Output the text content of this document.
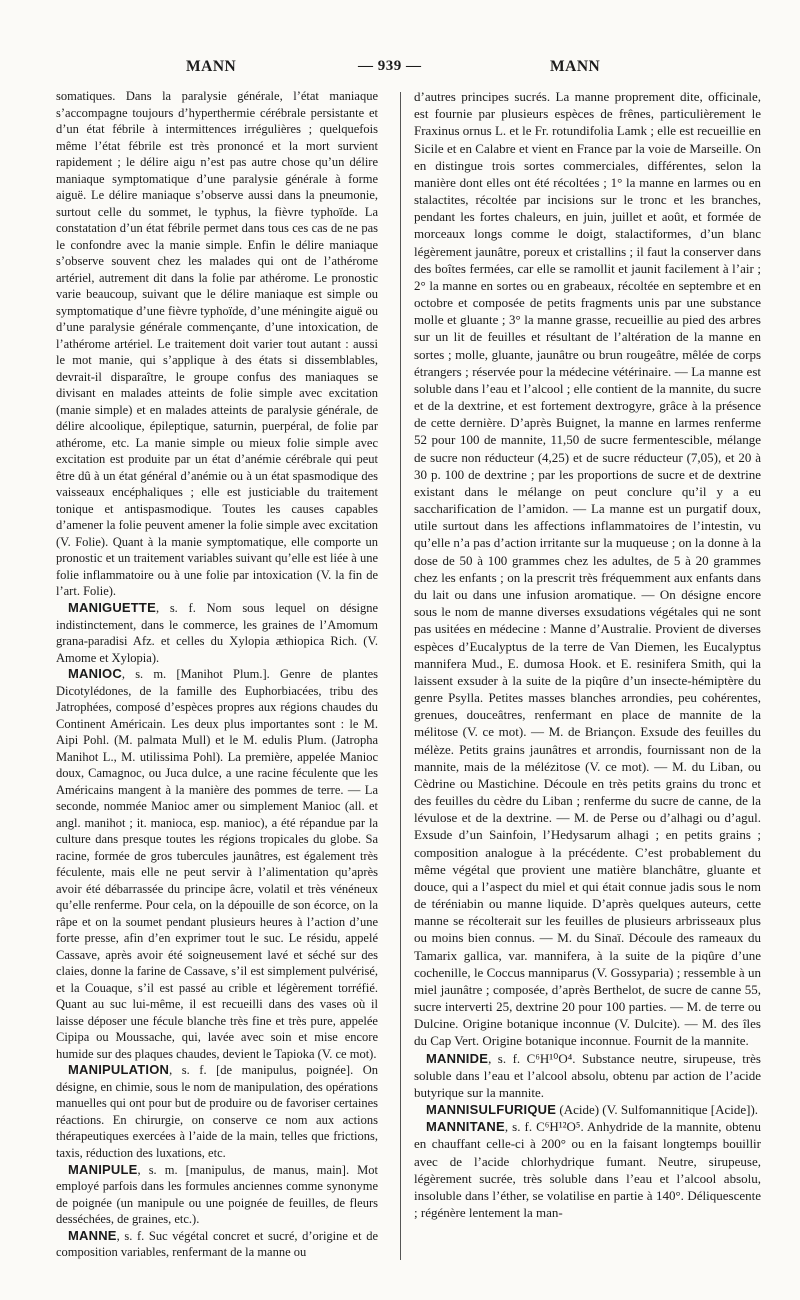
MANN	— 939 —	MANN

somatiques. Dans la paralysie générale, l’état maniaque s’accompagne toujours d’hyperthermie cérébrale persistante et d’un état fébrile à intermittences irrégulières ; quelquefois même l’état fébrile est très prononcé et la mort survient rapidement ; le délire aigu n’est pas autre chose qu’un délire maniaque symptomatique d’une paralysie générale à forme aiguë. Le délire maniaque s’observe aussi dans la pneumonie, surtout celle du sommet, le typhus, la fièvre typhoïde. La constatation d’un état fébrile permet dans tous ces cas de ne pas le confondre avec la manie simple. Enfin le délire maniaque s’observe souvent chez les malades qui ont de l’athérome artériel, autrement dit dans la folie par athérome. Le pronostic varie beaucoup, suivant que le délire maniaque est simple ou symptomatique d’une fièvre typhoïde, d’une méningite aiguë ou d’une paralysie générale commençante, d’une intoxication, de l’athérome artériel. Le traitement doit varier tout autant : aussi le mot manie, qui s’applique à des états si dissemblables, devrait-il disparaître, le groupe confus des maniaques se divisant en malades atteints de folie simple avec excitation (manie simple) et en malades atteints de paralysie générale, de délire alcoolique, épileptique, saturnin, puerpéral, de folie par athérome, etc. La manie simple ou mieux folie simple avec excitation est produite par un état d’anémie cérébrale qui peut être dû à un état général d’anémie ou à un état spasmodique des vaisseaux encéphaliques ; elle est justiciable du traitement tonique et antispasmodique. Toutes les causes capables d’amener la folie peuvent amener la folie simple avec excitation (V. Folie). Quant à la manie symptomatique, elle comporte un pronostic et un traitement variables suivant qu’elle est liée à une folie inflammatoire ou à une folie par intoxication (V. la fin de l’art. Folie).

MANIGUETTE, s. f. Nom sous lequel on désigne indistinctement, dans le commerce, les graines de l’Amomum grana-paradisi Afz. et celles du Xylopia æthiopica Rich. (V. Amome et Xylopia).

MANIOC, s. m. [Manihot Plum.]. Genre de plantes Dicotylédones, de la famille des Euphorbiacées, tribu des Jatrophées, composé d’espèces propres aux régions chaudes du Continent Américain. Les deux plus importantes sont : le M. Aipi Pohl. (M. palmata Mull) et le M. edulis Plum. (Jatropha Manihot L., M. utilissima Pohl). La première, appelée Manioc doux, Camagnoc, ou Juca dulce, a une racine féculente que les Américains mangent à la manière des pommes de terre. — La seconde, nommée Manioc amer ou simplement Manioc (all. et angl. manihot ; it. manioca, esp. manioc), a été répandue par la culture dans presque toutes les régions tropicales du globe. Sa racine, formée de gros tubercules jaunâtres, est également très féculente, mais elle ne peut servir à l’alimentation qu’après avoir été débarrassée du principe âcre, volatil et très vénéneux qu’elle renferme. Pour cela, on la dépouille de son écorce, on la râpe et on la soumet pendant plusieurs heures à l’action d’une forte presse, afin d’en exprimer tout le suc. Le résidu, appelé Cassave, après avoir été soigneusement lavé et séché sur des claies, donne la farine de Cassave, s’il est simplement pulvérisé, et la Couaque, s’il est passé au crible et légèrement torréfié. Quant au suc lui-même, il est recueilli dans des vases où il laisse déposer une fécule blanche très fine et très pure, appelée Cipipa ou Moussache, qui, lavée avec soin et mise encore humide sur des plaques chaudes, devient le Tapioka (V. ce mot).

MANIPULATION, s. f. [de manipulus, poignée]. On désigne, en chimie, sous le nom de manipulation, des opérations manuelles qui ont pour but de produire ou de favoriser certaines réactions. En chirurgie, on conserve ce nom aux actions thérapeutiques exercées à l’aide de la main, telles que frictions, taxis, réduction des luxations, etc.

MANIPULE, s. m. [manipulus, de manus, main]. Mot employé parfois dans les formules anciennes comme synonyme de poignée (un manipule ou une poignée de feuilles, de fleurs desséchées, de graines, etc.).

MANNE, s. f. Suc végétal concret et sucré, d’origine et de composition variables, renfermant de la manne ou

d’autres principes sucrés. La manne proprement dite, officinale, est fournie par plusieurs espèces de frênes, particulièrement le Fraxinus ornus L. et le Fr. rotundifolia Lamk ; elle est recueillie en Sicile et en Calabre et vient en France par la voie de Marseille. On en distingue trois sortes commerciales, différentes, selon la manière dont elles ont été récoltées ; 1° la manne en larmes ou en stalactites, récoltée par incisions sur le tronc et les branches, pendant les fortes chaleurs, en juin, juillet et août, et formée de morceaux longs comme le doigt, stalactiformes, d’un blanc légèrement jaunâtre, poreux et cristallins ; il faut la conserver dans des boîtes fermées, car elle se ramollit et jaunit facilement à l’air ; 2° la manne en sortes ou en grabeaux, récoltée en septembre et en octobre et composée de petits fragments unis par une substance molle et gluante ; 3° la manne grasse, recueillie au pied des arbres sur un lit de feuilles et résultant de l’altération de la manne en sortes ; molle, gluante, jaunâtre ou brun rougeâtre, mêlée de corps étrangers ; réservée pour la médecine vétérinaire. — La manne est soluble dans l’eau et l’alcool ; elle contient de la mannite, du sucre et de la dextrine, et est fortement dextrogyre, grâce à la présence de cette dernière. D’après Buignet, la manne en larmes renferme 52 pour 100 de mannite, 11,50 de sucre fermentescible, mélange de sucre non réducteur (4,25) et de sucre réducteur (7,05), et 20 à 30 p. 100 de dextrine ; par les proportions de sucre et de dextrine existant dans le mélange on peut conclure qu’il y a eu saccharification de l’amidon. — La manne est un purgatif doux, utile surtout dans les affections inflammatoires de l’intestin, vu qu’elle n’a pas d’action irritante sur la muqueuse ; on la donne à la dose de 50 à 100 grammes chez les adultes, de 5 à 20 grammes chez les enfants ; on la prescrit très fréquemment aux enfants dans du lait ou dans une infusion aromatique. — On désigne encore sous le nom de manne diverses exsudations végétales qui ne sont pas usitées en médecine : Manne d’Australie. Provient de diverses espèces d’Eucalyptus de la terre de Van Diemen, les Eucalyptus mannifera Mud., E. dumosa Hook. et E. resinifera Smith, qui la laissent exsuder à la suite de la piqûre d’un insecte-hémiptère du genre Psylla. Petites masses blanches arrondies, peu cohérentes, grenues, douceâtres, renfermant en place de mannite de la mélitose (V. ce mot). — M. de Briançon. Exsude des feuilles du mélèze. Petits grains jaunâtres et arrondis, fournissant non de la mannite, mais de la mélézitose (V. ce mot). — M. du Liban, ou Cèdrine ou Mastichine. Découle en très petits grains du tronc et des feuilles du cèdre du Liban ; renferme du sucre de canne, de la lévulose et de la dextrine. — M. de Perse ou d’alhagi ou d’agul. Exsude d’un Sainfoin, l’Hedysarum alhagi ; en petits grains ; composition analogue à la précédente. C’est probablement du même végétal que provient une matière blanchâtre, gluante et douce, qui a l’aspect du miel et qui était connue jadis sous le nom de téréniabin ou manne liquide. D’après quelques auteurs, cette manne se récolterait sur les feuilles de plusieurs arbrisseaux plus ou moins bien connus. — M. du Sinaï. Découle des rameaux du Tamarix gallica, var. mannifera, à la suite de la piqûre d’une cochenille, le Coccus manniparus (V. Gossyparia) ; ressemble à un miel jaunâtre ; composée, d’après Berthelot, de sucre de canne 55, sucre interverti 25, dextrine 20 pour 100 parties. — M. de terre ou Dulcine. Origine botanique inconnue (V. Dulcite). — M. des îles du Cap Vert. Origine botanique inconnue. Fournit de la mannite.

MANNIDE, s. f. C⁶H¹⁰O⁴. Substance neutre, sirupeuse, très soluble dans l’eau et l’alcool absolu, obtenu par action de l’acide butyrique sur la mannite.

MANNISULFURIQUE (Acide) (V. Sulfomannitique [Acide]).

MANNITANE, s. f. C⁶H¹²O⁵. Anhydride de la mannite, obtenu en chauffant celle-ci à 200° ou en la faisant longtemps bouillir avec de l’acide chlorhydrique fumant. Neutre, sirupeuse, légèrement sucrée, très soluble dans l’eau et l’alcool absolu, insoluble dans l’éther, se volatilise en partie à 140°. Déliquescente ; régénère lentement la man-
